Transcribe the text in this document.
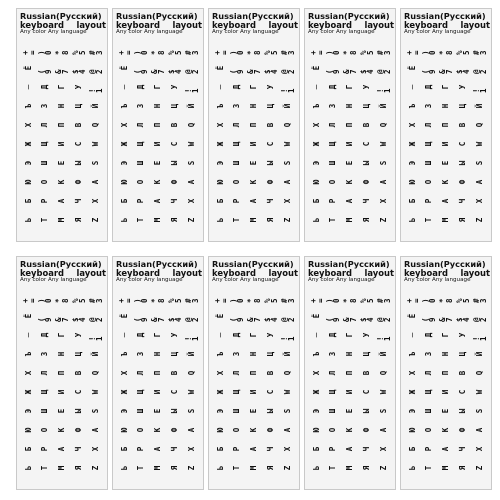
Russian(Русский)
keyboard layout
Any color Any language
+ =
Ё
─
Ъ
Х
Ж
Э
Ю
Б
Ь
) 0
( 9
Д
З
Л
Щ
Ш
О
Р
Т
* 8
& 7
Г
Н
П
И
Е
К
А
М
% 5
$ 4
У
Ц
В
С
Ы
Ф
Ч
Я
# 3
@ 2
! 1
Й
Q
W
S
A
X
Z
Russian(Русский)
keyboard layout
Any color Any language
+ =
Ё
─
Ъ
Х
Ж
Э
Ю
Б
Ь
) 0
( 9
Д
З
Л
Щ
Ш
О
Р
Т
* 8
& 7
Г
Н
П
И
Е
К
А
М
% 5
$ 4
У
Ц
В
С
Ы
Ф
Ч
Я
# 3
@ 2
! 1
Й
Q
W
S
A
X
Z
Russian(Русский)
keyboard layout
Any color Any language
+ =
Ё
─
Ъ
Х
Ж
Э
Ю
Б
Ь
) 0
( 9
Д
З
Л
Щ
Ш
О
Р
Т
* 8
& 7
Г
Н
П
И
Е
К
А
М
% 5
$ 4
У
Ц
В
С
Ы
Ф
Ч
Я
# 3
@ 2
! 1
Й
Q
W
S
A
X
Z
Russian(Русский)
keyboard layout
Any color Any language
+ =
Ё
─
Ъ
Х
Ж
Э
Ю
Б
Ь
) 0
( 9
Д
З
Л
Щ
Ш
О
Р
Т
* 8
& 7
Г
Н
П
И
Е
К
А
М
% 5
$ 4
У
Ц
В
С
Ы
Ф
Ч
Я
# 3
@ 2
! 1
Й
Q
W
S
A
X
Z
Russian(Русский)
keyboard layout
Any color Any language
+ =
Ё
─
Ъ
Х
Ж
Э
Ю
Б
Ь
) 0
( 9
Д
З
Л
Щ
Ш
О
Р
Т
* 8
& 7
Г
Н
П
И
Е
К
А
М
% 5
$ 4
У
Ц
В
С
Ы
Ф
Ч
Я
# 3
@ 2
! 1
Й
Q
W
S
A
X
Z
Russian(Русский)
keyboard layout
Any color Any language
+ =
Ё
─
Ъ
Х
Ж
Э
Ю
Б
Ь
) 0
( 9
Д
З
Л
Щ
Ш
О
Р
Т
* 8
& 7
Г
Н
П
И
Е
К
А
М
% 5
$ 4
У
Ц
В
С
Ы
Ф
Ч
Я
# 3
@ 2
! 1
Й
Q
W
S
A
X
Z
Russian(Русский)
keyboard layout
Any color Any language
+ =
Ё
─
Ъ
Х
Ж
Э
Ю
Б
Ь
) 0
( 9
Д
З
Л
Щ
Ш
О
Р
Т
* 8
& 7
Г
Н
П
И
Е
К
А
М
% 5
$ 4
У
Ц
В
С
Ы
Ф
Ч
Я
# 3
@ 2
! 1
Й
Q
W
S
A
X
Z
Russian(Русский)
keyboard layout
Any color Any language
+ =
Ё
─
Ъ
Х
Ж
Э
Ю
Б
Ь
) 0
( 9
Д
З
Л
Щ
Ш
О
Р
Т
* 8
& 7
Г
Н
П
И
Е
К
А
М
% 5
$ 4
У
Ц
В
С
Ы
Ф
Ч
Я
# 3
@ 2
! 1
Й
Q
W
S
A
X
Z
Russian(Русский)
keyboard layout
Any color Any language
+ =
Ё
─
Ъ
Х
Ж
Э
Ю
Б
Ь
) 0
( 9
Д
З
Л
Щ
Ш
О
Р
Т
* 8
& 7
Г
Н
П
И
Е
К
А
М
% 5
$ 4
У
Ц
В
С
Ы
Ф
Ч
Я
# 3
@ 2
! 1
Й
Q
W
S
A
X
Z
Russian(Русский)
keyboard layout
Any color Any language
+ =
Ё
─
Ъ
Х
Ж
Э
Ю
Б
Ь
) 0
( 9
Д
З
Л
Щ
Ш
О
Р
Т
* 8
& 7
Г
Н
П
И
Е
К
А
М
% 5
$ 4
У
Ц
В
С
Ы
Ф
Ч
Я
# 3
@ 2
! 1
Й
Q
W
S
A
X
Z
